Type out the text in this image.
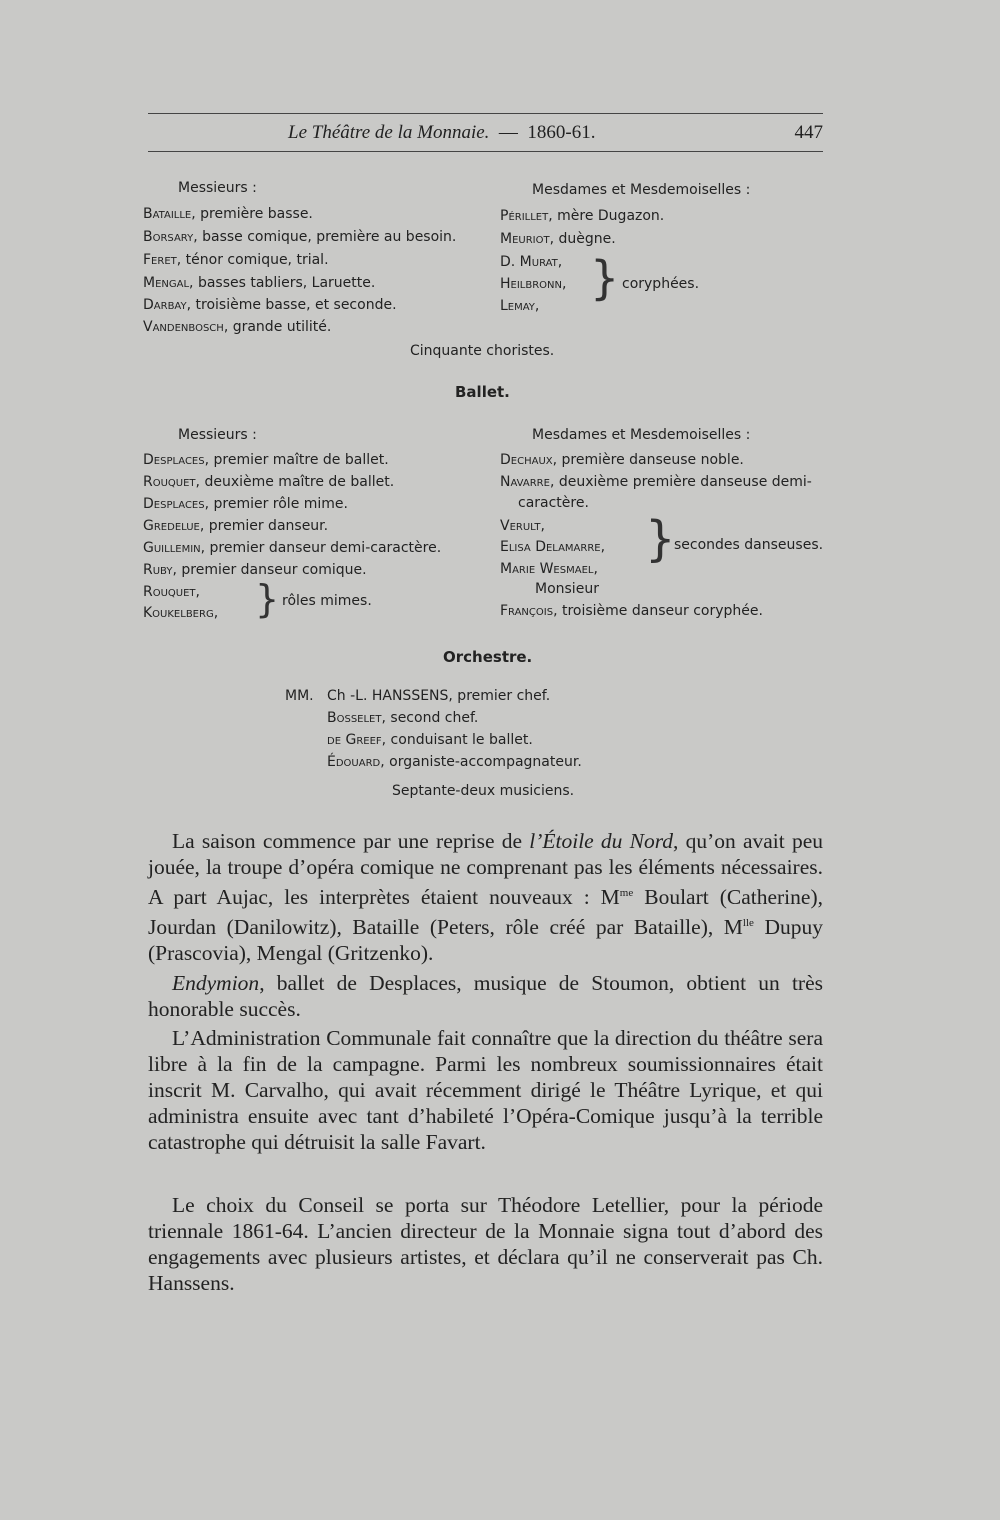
Le Théâtre de la Monnaie. — 1860-61.	447
Messieurs :
Bataille, première basse.
Borsary, basse comique, première au besoin.
Feret, ténor comique, trial.
Mengal, basses tabliers, Laruette.
Darbay, troisième basse, et seconde.
Vandenbosch, grande utilité.
Mesdames et Mesdemoiselles :
Périllet, mère Dugazon.
Meuriot, duègne.
D. Murat,
Heilbronn,
Lemay,
} coryphées.
Cinquante choristes.
Ballet.
Messieurs :
Desplaces, premier maître de ballet.
Rouquet, deuxième maître de ballet.
Desplaces, premier rôle mime.
Gredelue, premier danseur.
Guillemin, premier danseur demi-caractère.
Ruby, premier danseur comique.
Rouquet,
Koukelberg, } rôles mimes.
Mesdames et Mesdemoiselles :
Dechaux, première danseuse noble.
Navarre, deuxième première danseuse demi-
caractère.
Verult,
Elisa Delamarre,
Marie Wesmael,
}
secondes danseuses.
Monsieur
François, troisième danseur coryphée.
Orchestre.
MM. Ch -L. HANSSENS, premier chef.
Bosselet, second chef.
de Greef, conduisant le ballet.
Édouard, organiste-accompagnateur.
Septante-deux musiciens.

La saison commence par une reprise de l’Étoile du Nord, qu’on avait peu jouée, la troupe d’opéra comique ne comprenant pas les éléments nécessaires. A part Aujac, les interprètes étaient nouveaux : $M^{me}$ Boulart (Catherine), Jourdan (Danilowitz), Bataille (Peters, rôle créé par Bataille), $M^{lle}$ Dupuy (Prascovia), Mengal (Gritzenko).

Endymion, ballet de Desplaces, musique de Stoumon, obtient un très honorable succès.

L’Administration Communale fait connaître que la direction du théâtre sera libre à la fin de la campagne. Parmi les nombreux soumissionnaires était inscrit M. Carvalho, qui avait récemment dirigé le Théâtre Lyrique, et qui administra ensuite avec tant d’habileté l’Opéra-Comique jusqu’à la terrible catastrophe qui détruisit la salle Favart.

Le choix du Conseil se porta sur Théodore Letellier, pour la période triennale 1861-64. L’ancien directeur de la Monnaie signa tout d’abord des engagements avec plusieurs artistes, et déclara qu’il ne conserverait pas Ch. Hanssens.
